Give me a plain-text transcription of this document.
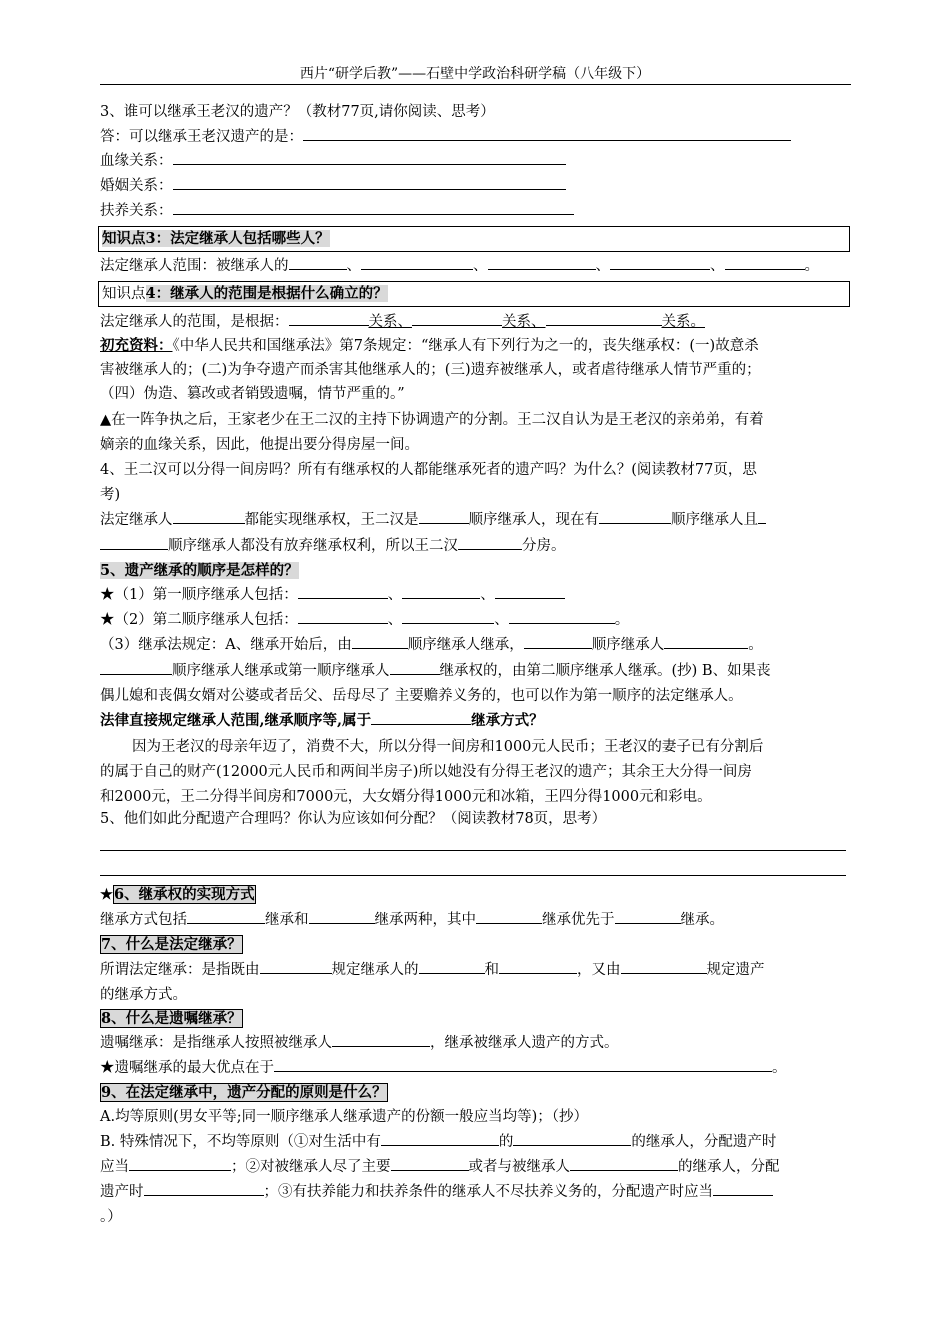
西片“研学后教”——石壁中学政治科研学稿（八年级下）
3、谁可以继承王老汉的遗产？（教材77页,请你阅读、思考）
答：可以继承王老汉遗产的是：
血缘关系：
婚姻关系：
扶养关系：
知识点3：法定继承人包括哪些人？
法定继承人范围：被继承人的	、	、	、	、	。
知识点4：继承人的范围是根据什么确立的？
法定继承人的范围，是根据：	关系、	关系、	关系。
初充资料：《中华人民共和国继承法》第7条规定：“继承人有下列行为之一的，丧失继承权：(一)故意杀
害被继承人的；(二)为争夺遗产而杀害其他继承人的；(三)遗弃被继承人，或者虐待继承人情节严重的；
（四）伪造、篡改或者销毁遗嘱，情节严重的。”
▲在一阵争执之后，王家老少在王二汉的主持下协调遗产的分割。王二汉自认为是王老汉的亲弟弟，有着
嫡亲的血缘关系，因此，他提出要分得房屋一间。
4、王二汉可以分得一间房吗？所有有继承权的人都能继承死者的遗产吗？为什么？(阅读教材77页，思
考)
法定继承人	都能实现继承权，王二汉是	顺序继承人，现在有	顺序继承人且
顺序继承人都没有放弃继承权利，所以王二汉	分房。
5、遗产继承的顺序是怎样的？
★（1）第一顺序继承人包括：	、	、
★（2）第二顺序继承人包括：	、	、	。
（3）继承法规定：A、继承开始后，由	顺序继承人继承，	顺序继承人	。
顺序继承人继承或第一顺序继承人	继承权的，由第二顺序继承人继承。(抄) B、如果丧
偶儿媳和丧偶女婿对公婆或者岳父、岳母尽了 主要赡养义务的，也可以作为第一顺序的法定继承人。
法律直接规定继承人范围,继承顺序等,属于	继承方式？
因为王老汉的母亲年迈了，消费不大，所以分得一间房和1000元人民币；王老汉的妻子已有分割后
的属于自己的财产(12000元人民币和两间半房子)所以她没有分得王老汉的遗产；其余王大分得一间房
和2000元，王二分得半间房和7000元，大女婿分得1000元和冰箱，王四分得1000元和彩电。
5、他们如此分配遗产合理吗？你认为应该如何分配？（阅读教材78页，思考）
★6、继承权的实现方式
继承方式包括	继承和	继承两种，其中	继承优先于	继承。
7、什么是法定继承？
所谓法定继承：是指既由	规定继承人的	和	，又由	规定遗产
的继承方式。
8、什么是遗嘱继承？
遗嘱继承：是指继承人按照被继承人	，继承被继承人遗产的方式。
★遗嘱继承的最大优点在于	。
9、在法定继承中，遗产分配的原则是什么？
A.均等原则(男女平等;同一顺序继承人继承遗产的份额一般应当均等)；（抄）
B. 特殊情况下，不均等原则（①对生活中有	的	的继承人，分配遗产时
应当	；②对被继承人尽了主要	或者与被继承人	的继承人，分配
遗产时	；③有扶养能力和扶养条件的继承人不尽扶养义务的，分配遗产时应当
。）
